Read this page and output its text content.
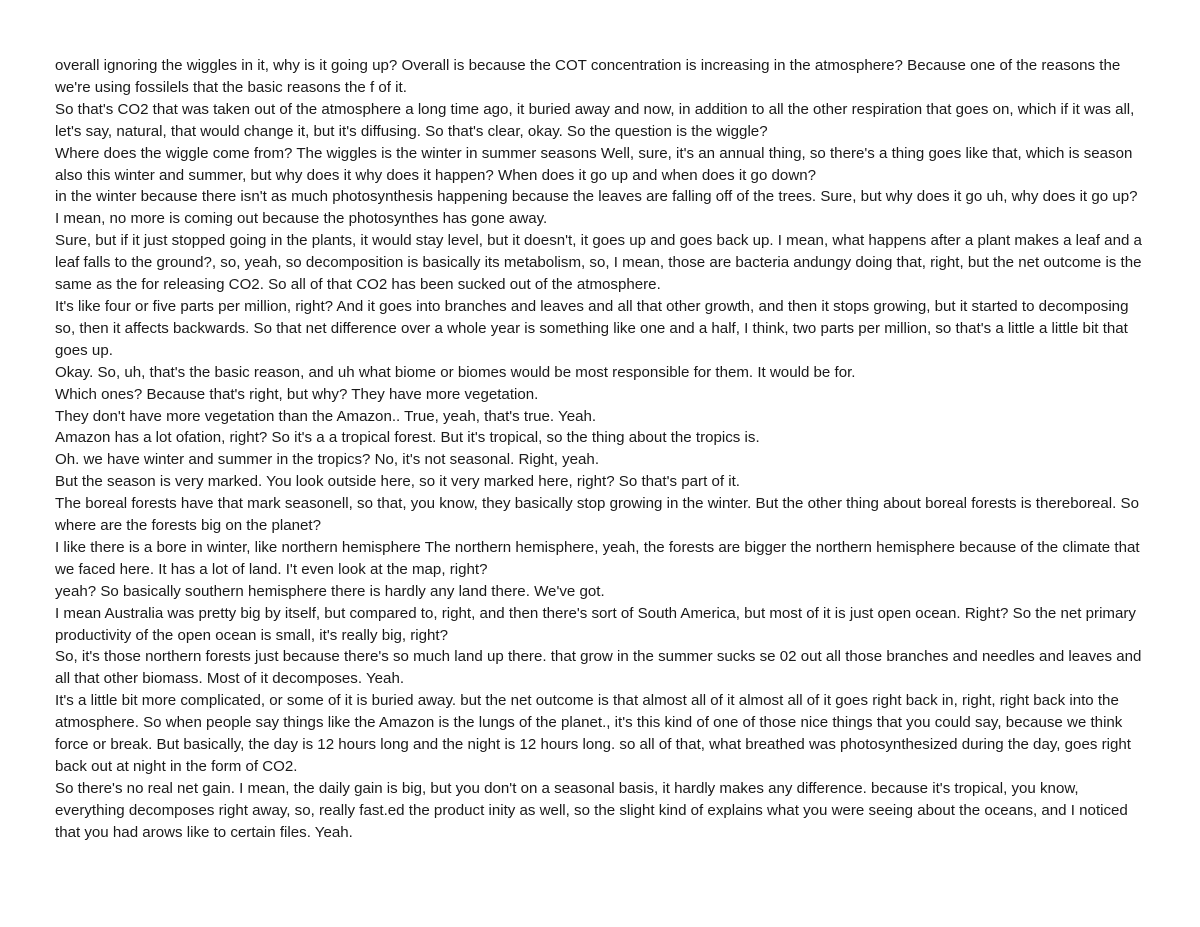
overall ignoring the wiggles in it, why is it going up? Overall is because the COT concentration is increasing in the atmosphere? Because one of the reasons the we're using fossilels that the basic reasons the f of it.

So that's CO2 that was taken out of the atmosphere a long time ago, it buried away and now, in addition to all the other respiration that goes on, which if it was all, let's say, natural, that would change it, but it's diffusing. So that's clear, okay. So the question is the wiggle?

Where does the wiggle come from? The wiggles is the winter in summer seasons Well, sure, it's an annual thing, so there's a thing goes like that, which is season also this winter and summer, but why does it why does it happen? When does it go up and when does it go down?

in the winter because there isn't as much photosynthesis happening because the leaves are falling off of the trees. Sure, but why does it go uh, why does it go up? I mean, no more is coming out because the photosynthes has gone away.

Sure, but if it just stopped going in the plants, it would stay level, but it doesn't, it goes up and goes back up. I mean, what happens after a plant makes a leaf and a leaf falls to the ground?, so, yeah, so decomposition is basically its metabolism, so, I mean, those are bacteria andungy doing that, right, but the net outcome is the same as the for releasing CO2. So all of that CO2 has been sucked out of the atmosphere.

It's like four or five parts per million, right? And it goes into branches and leaves and all that other growth, and then it stops growing, but it started to decomposing so, then it affects backwards. So that net difference over a whole year is something like one and a half, I think, two parts per million, so that's a little a little bit that goes up.

Okay. So, uh, that's the basic reason, and uh what biome or biomes would be most responsible for them. It would be for.

Which ones? Because that's right, but why? They have more vegetation.

They don't have more vegetation than the Amazon.. True, yeah, that's true. Yeah.

Amazon has a lot ofation, right? So it's a a tropical forest. But it's tropical, so the thing about the tropics is.

Oh. we have winter and summer in the tropics? No, it's not seasonal. Right, yeah.

But the season is very marked. You look outside here, so it very marked here, right? So that's part of it.

The boreal forests have that mark seasonell, so that, you know, they basically stop growing in the winter. But the other thing about boreal forests is thereboreal. So where are the forests big on the planet?

I like there is a bore in winter, like northern hemisphere The northern hemisphere, yeah, the forests are bigger the northern hemisphere because of the climate that we faced here. It has a lot of land. I't even look at the map, right?

yeah? So basically southern hemisphere there is hardly any land there. We've got.

I mean Australia was pretty big by itself, but compared to, right, and then there's sort of South America, but most of it is just open ocean. Right? So the net primary productivity of the open ocean is small, it's really big, right?

So, it's those northern forests just because there's so much land up there. that grow in the summer sucks se 02 out all those branches and needles and leaves and all that other biomass. Most of it decomposes. Yeah.

It's a little bit more complicated, or some of it is buried away. but the net outcome is that almost all of it almost all of it goes right back in, right, right back into the atmosphere. So when people say things like the Amazon is the lungs of the planet., it's this kind of one of those nice things that you could say, because we think force or break. But basically, the day is 12 hours long and the night is 12 hours long. so all of that, what breathed was photosynthesized during the day, goes right back out at night in the form of CO2.

So there's no real net gain. I mean, the daily gain is big, but you don't on a seasonal basis, it hardly makes any difference. because it's tropical, you know, everything decomposes right away, so, really fast.ed the product inity as well, so the slight kind of explains what you were seeing about the oceans, and I noticed that you had arows like to certain files. Yeah.
